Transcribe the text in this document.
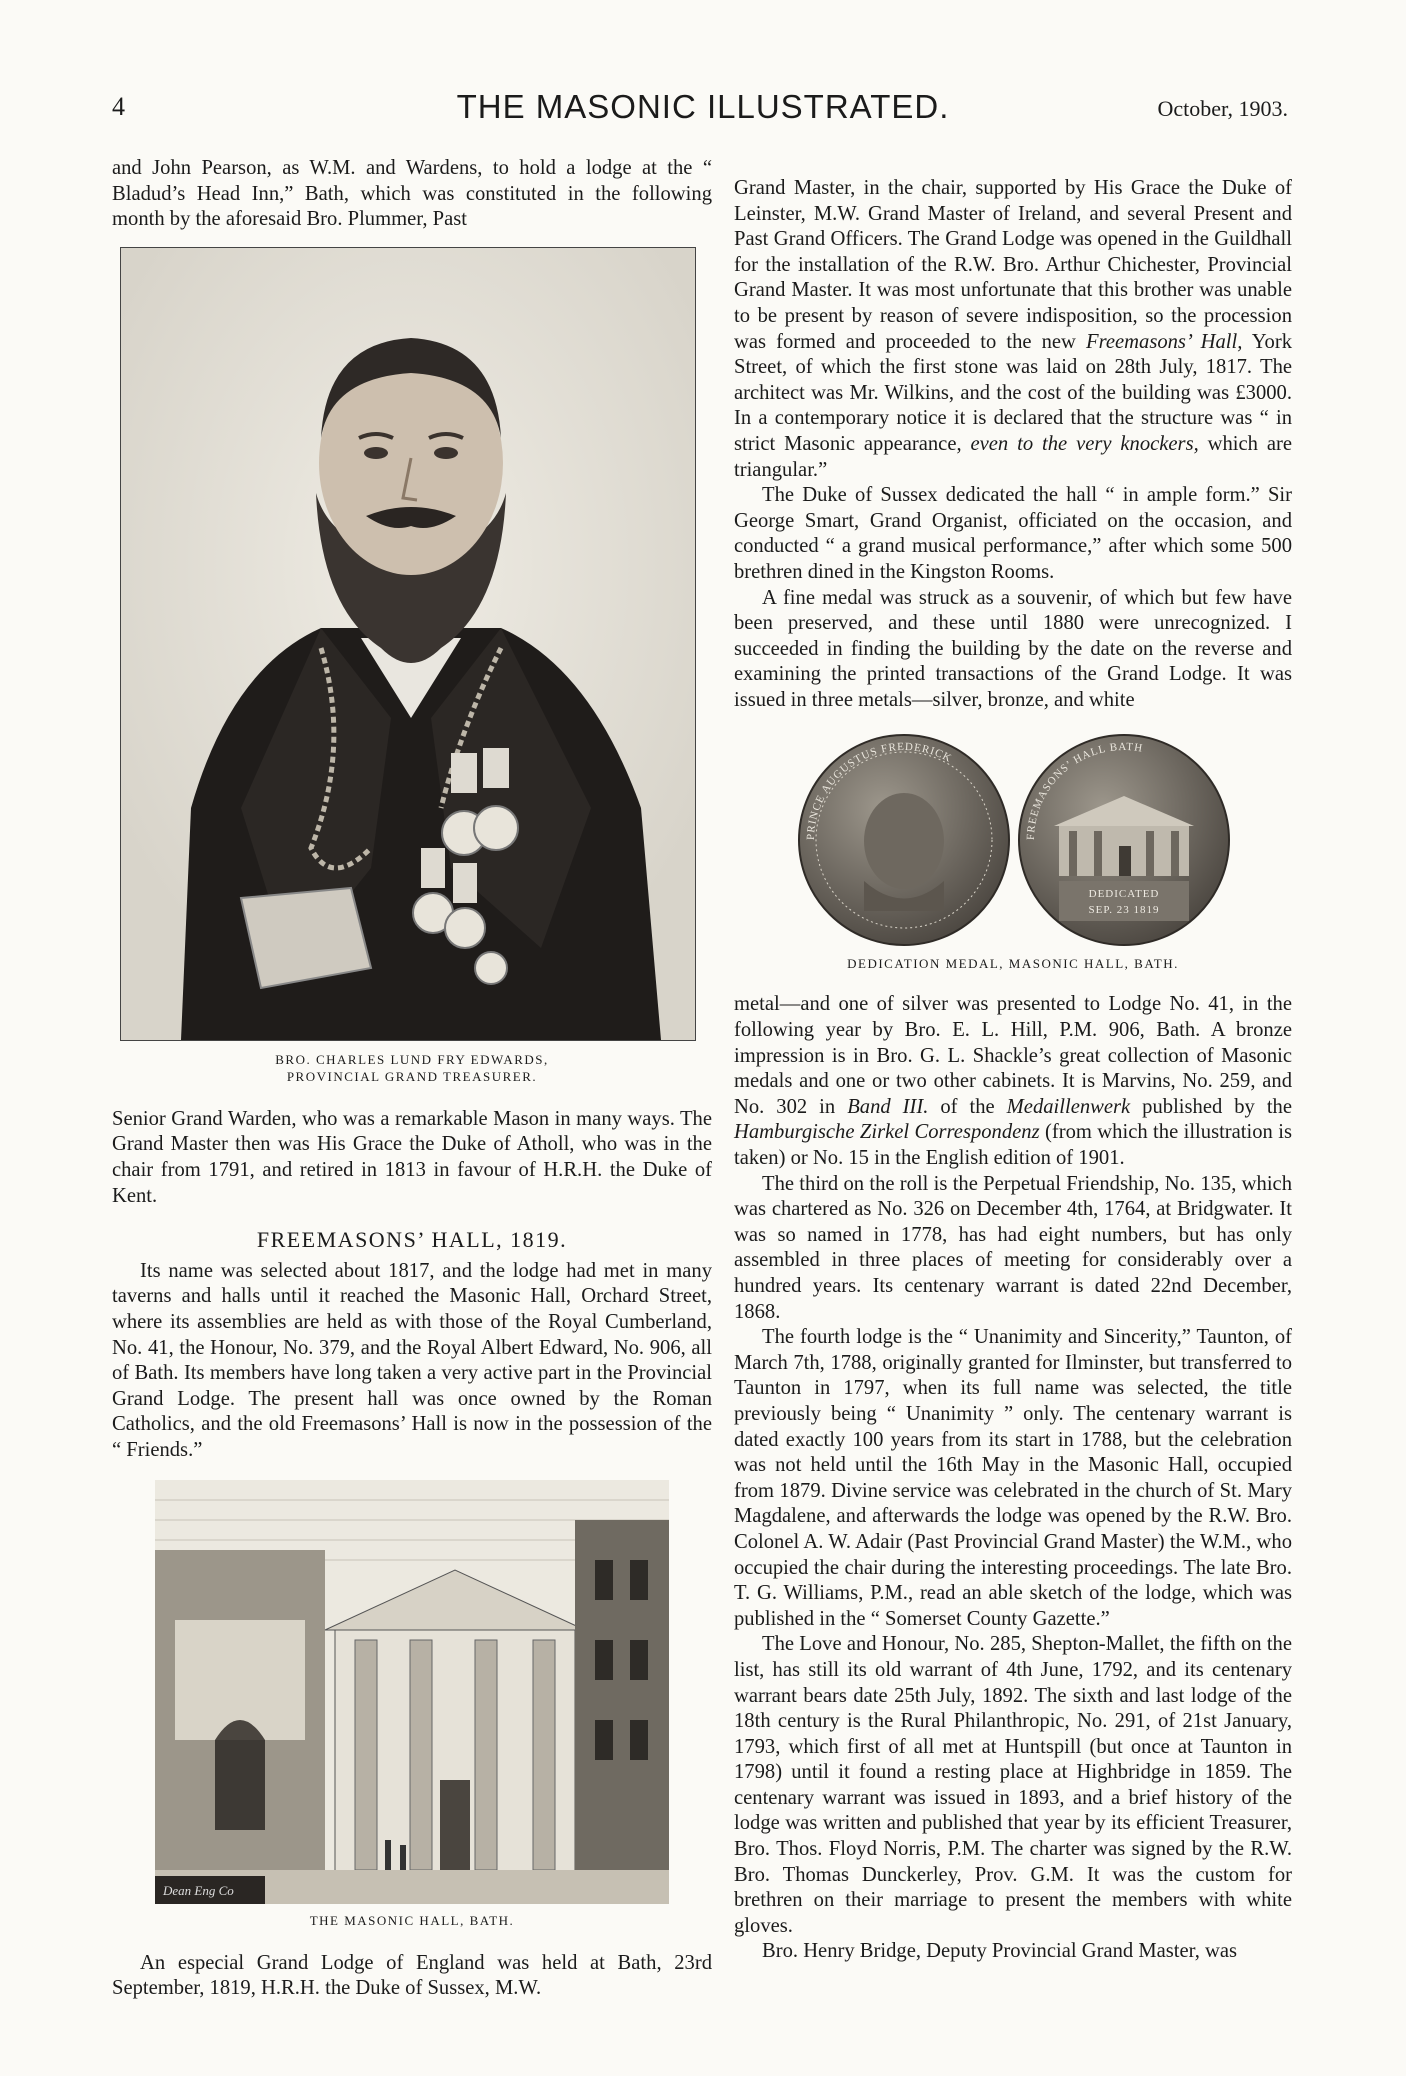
4	THE MASONIC ILLUSTRATED.	October, 1903.

and John Pearson, as W.M. and Wardens, to hold a lodge at the “ Bladud’s Head Inn,” Bath, which was constituted in the following month by the aforesaid Bro. Plummer, Past

BRO. CHARLES LUND FRY EDWARDS,
PROVINCIAL GRAND TREASURER.

Senior Grand Warden, who was a remarkable Mason in many ways. The Grand Master then was His Grace the Duke of Atholl, who was in the chair from 1791, and retired in 1813 in favour of H.R.H. the Duke of Kent.

FREEMASONS’ HALL, 1819.

Its name was selected about 1817, and the lodge had met in many taverns and halls until it reached the Masonic Hall, Orchard Street, where its assemblies are held as with those of the Royal Cumberland, No. 41, the Honour, No. 379, and the Royal Albert Edward, No. 906, all of Bath. Its members have long taken a very active part in the Provincial Grand Lodge. The present hall was once owned by the Roman Catholics, and the old Freemasons’ Hall is now in the possession of the “ Friends.”

Dean Eng Co
THE MASONIC HALL, BATH.

An especial Grand Lodge of England was held at Bath, 23rd September, 1819, H.R.H. the Duke of Sussex, M.W.

Grand Master, in the chair, supported by His Grace the Duke of Leinster, M.W. Grand Master of Ireland, and several Present and Past Grand Officers. The Grand Lodge was opened in the Guildhall for the installation of the R.W. Bro. Arthur Chichester, Provincial Grand Master. It was most unfortunate that this brother was unable to be present by reason of severe indisposition, so the procession was formed and proceeded to the new Freemasons’ Hall, York Street, of which the first stone was laid on 28th July, 1817. The architect was Mr. Wilkins, and the cost of the building was £3000. In a contemporary notice it is declared that the structure was “ in strict Masonic appearance, even to the very knockers, which are triangular.”

The Duke of Sussex dedicated the hall “ in ample form.” Sir George Smart, Grand Organist, officiated on the occasion, and conducted “ a grand musical performance,” after which some 500 brethren dined in the Kingston Rooms.

A fine medal was struck as a souvenir, of which but few have been preserved, and these until 1880 were unrecognized. I succeeded in finding the building by the date on the reverse and examining the printed transactions of the Grand Lodge. It was issued in three metals—silver, bronze, and white

PRINCE AUGUSTUS FREDERICK
FREEMASONS’ HALL BATH
DEDICATED
SEP. 23 1819
DEDICATION MEDAL, MASONIC HALL, BATH.

metal—and one of silver was presented to Lodge No. 41, in the following year by Bro. E. L. Hill, P.M. 906, Bath. A bronze impression is in Bro. G. L. Shackle’s great collection of Masonic medals and one or two other cabinets. It is Marvins, No. 259, and No. 302 in Band III. of the Medaillenwerk published by the Hamburgische Zirkel Correspondenz (from which the illustration is taken) or No. 15 in the English edition of 1901.

The third on the roll is the Perpetual Friendship, No. 135, which was chartered as No. 326 on December 4th, 1764, at Bridgwater. It was so named in 1778, has had eight numbers, but has only assembled in three places of meeting for considerably over a hundred years. Its centenary warrant is dated 22nd December, 1868.

The fourth lodge is the “ Unanimity and Sincerity,” Taunton, of March 7th, 1788, originally granted for Ilminster, but transferred to Taunton in 1797, when its full name was selected, the title previously being “ Unanimity ” only. The centenary warrant is dated exactly 100 years from its start in 1788, but the celebration was not held until the 16th May in the Masonic Hall, occupied from 1879. Divine service was celebrated in the church of St. Mary Magdalene, and afterwards the lodge was opened by the R.W. Bro. Colonel A. W. Adair (Past Provincial Grand Master) the W.M., who occupied the chair during the interesting proceedings. The late Bro. T. G. Williams, P.M., read an able sketch of the lodge, which was published in the “ Somerset County Gazette.”

The Love and Honour, No. 285, Shepton-Mallet, the fifth on the list, has still its old warrant of 4th June, 1792, and its centenary warrant bears date 25th July, 1892. The sixth and last lodge of the 18th century is the Rural Philanthropic, No. 291, of 21st January, 1793, which first of all met at Huntspill (but once at Taunton in 1798) until it found a resting place at Highbridge in 1859. The centenary warrant was issued in 1893, and a brief history of the lodge was written and published that year by its efficient Treasurer, Bro. Thos. Floyd Norris, P.M. The charter was signed by the R.W. Bro. Thomas Dunckerley, Prov. G.M. It was the custom for brethren on their marriage to present the members with white gloves.

Bro. Henry Bridge, Deputy Provincial Grand Master, was
